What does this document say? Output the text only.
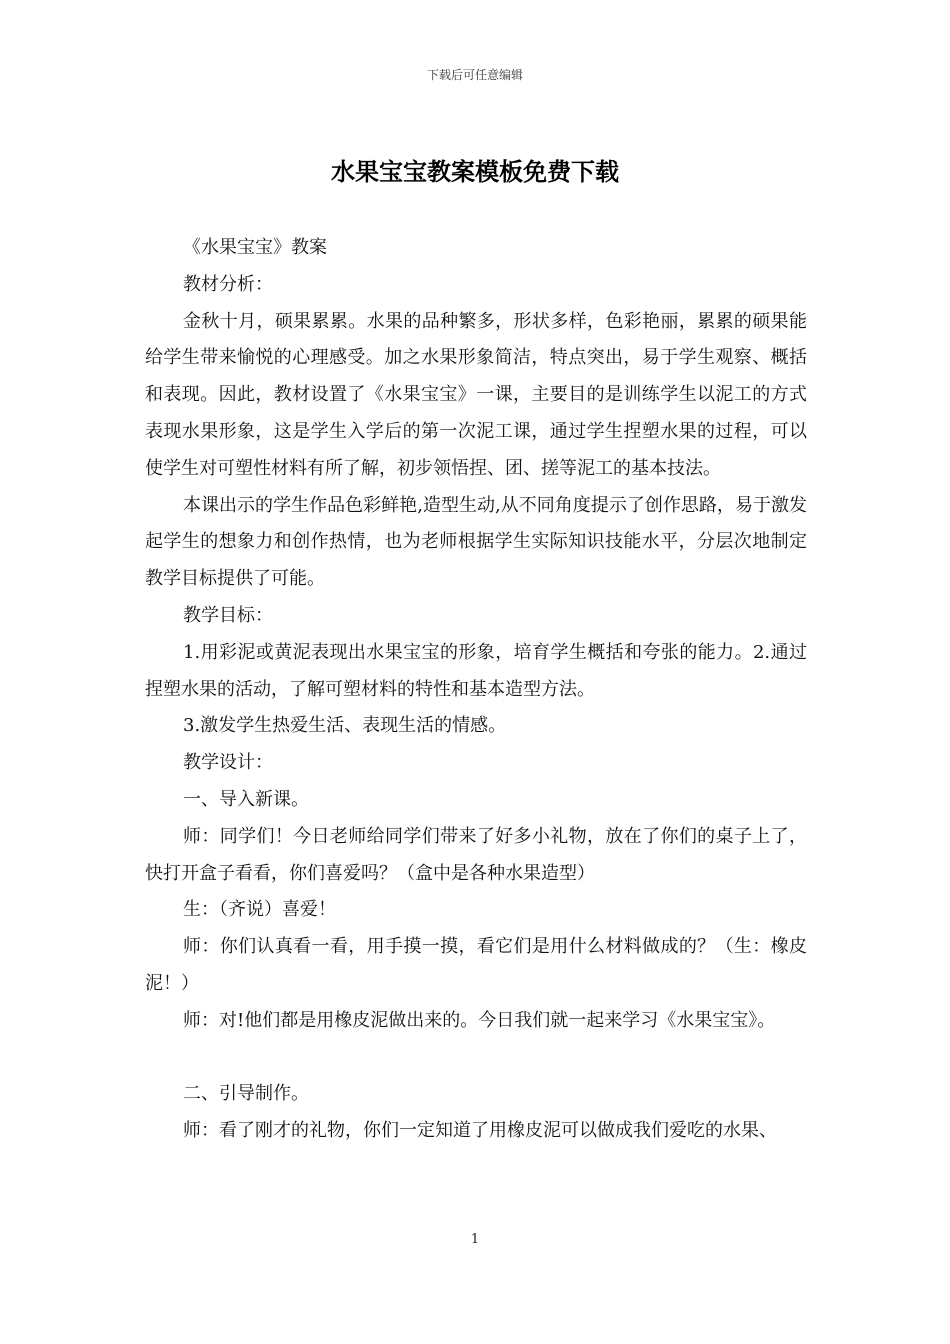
下载后可任意编辑
水果宝宝教案模板免费下载

《水果宝宝》教案

教材分析：

金秋十月，硕果累累。水果的品种繁多，形状多样，色彩艳丽，累累的硕果能给学生带来愉悦的心理感受。加之水果形象简洁，特点突出，易于学生观察、概括和表现。因此，教材设置了《水果宝宝》一课，主要目的是训练学生以泥工的方式表现水果形象，这是学生入学后的第一次泥工课，通过学生捏塑水果的过程，可以使学生对可塑性材料有所了解，初步领悟捏、团、搓等泥工的基本技法。

本课出示的学生作品色彩鲜艳,造型生动,从不同角度提示了创作思路，易于激发起学生的想象力和创作热情，也为老师根据学生实际知识技能水平，分层次地制定教学目标提供了可能。

教学目标：

1.用彩泥或黄泥表现出水果宝宝的形象，培育学生概括和夸张的能力。2.通过捏塑水果的活动，了解可塑材料的特性和基本造型方法。

3.激发学生热爱生活、表现生活的情感。

教学设计：

一、导入新课。

师：同学们！今日老师给同学们带来了好多小礼物，放在了你们的桌子上了，快打开盒子看看，你们喜爱吗？（盒中是各种水果造型）

生：（齐说）喜爱！

师：你们认真看一看，用手摸一摸，看它们是用什么材料做成的？（生：橡皮泥！）

师：对!他们都是用橡皮泥做出来的。今日我们就一起来学习《水果宝宝》。

二、引导制作。

师：看了刚才的礼物，你们一定知道了用橡皮泥可以做成我们爱吃的水果、

1
